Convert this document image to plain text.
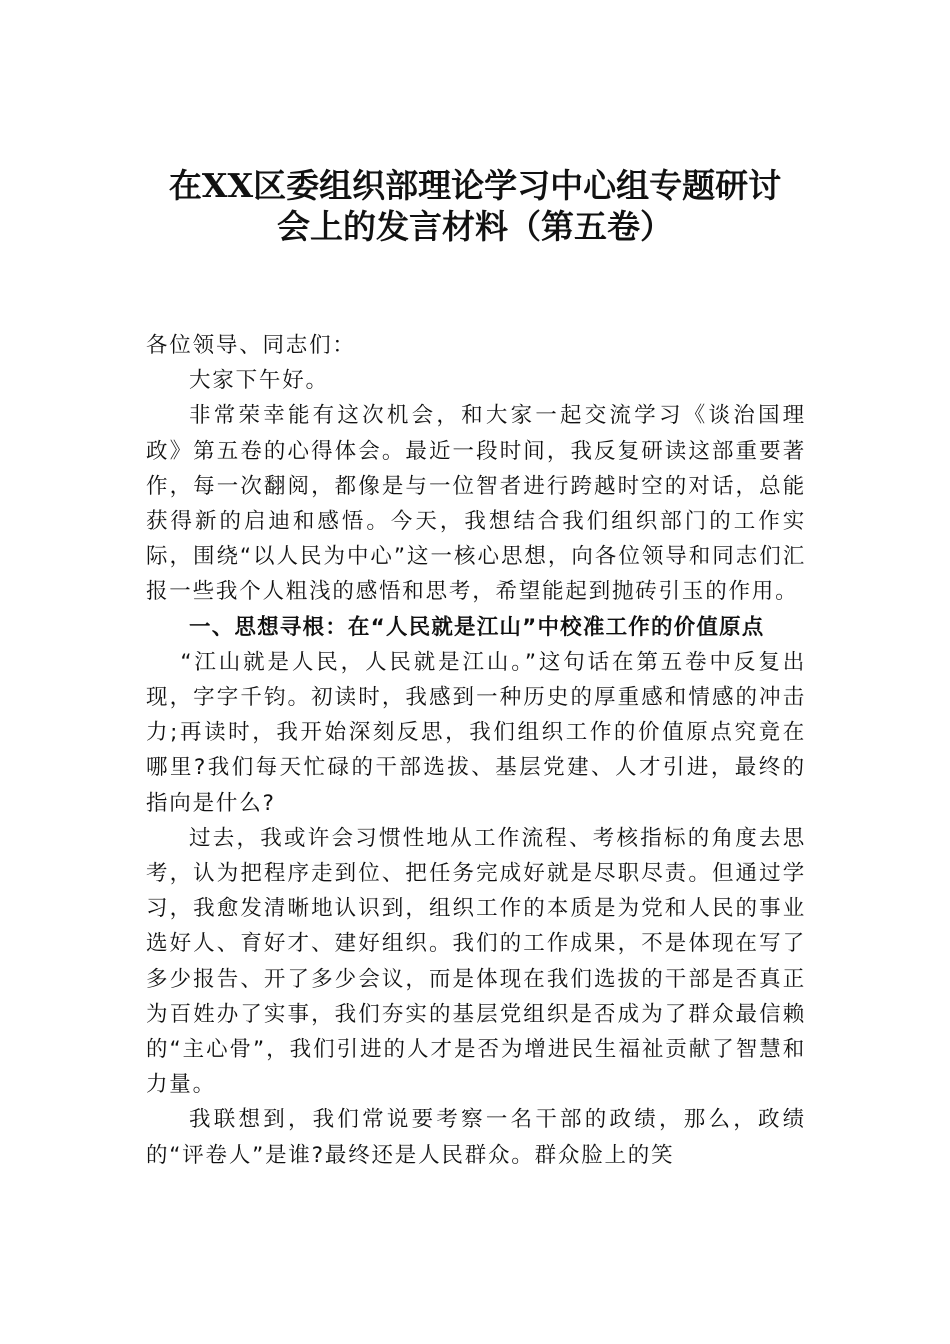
在XX区委组织部理论学习中心组专题研讨
会上的发言材料（第五卷）

各位领导、同志们：

大家下午好。

非常荣幸能有这次机会，和大家一起交流学习《谈治国理政》第五卷的心得体会。最近一段时间，我反复研读这部重要著作，每一次翻阅，都像是与一位智者进行跨越时空的对话，总能获得新的启迪和感悟。今天，我想结合我们组织部门的工作实际，围绕“以人民为中心”这一核心思想，向各位领导和同志们汇报一些我个人粗浅的感悟和思考，希望能起到抛砖引玉的作用。

一、思想寻根：在“人民就是江山”中校准工作的价值原点

“江山就是人民，人民就是江山。”这句话在第五卷中反复出现，字字千钧。初读时，我感到一种历史的厚重感和情感的冲击力;再读时，我开始深刻反思，我们组织工作的价值原点究竟在哪里?我们每天忙碌的干部选拔、基层党建、人才引进，最终的指向是什么?

过去，我或许会习惯性地从工作流程、考核指标的角度去思考，认为把程序走到位、把任务完成好就是尽职尽责。但通过学习，我愈发清晰地认识到，组织工作的本质是为党和人民的事业选好人、育好才、建好组织。我们的工作成果，不是体现在写了多少报告、开了多少会议，而是体现在我们选拔的干部是否真正为百姓办了实事，我们夯实的基层党组织是否成为了群众最信赖的“主心骨”，我们引进的人才是否为增进民生福祉贡献了智慧和力量。

我联想到，我们常说要考察一名干部的政绩，那么，政绩的“评卷人”是谁?最终还是人民群众。群众脸上的笑
